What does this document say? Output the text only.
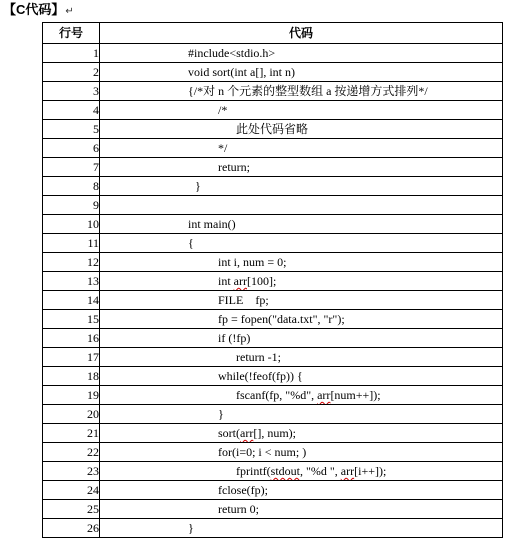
【C代码】↵
行号	代码
1	#include<stdio.h>

2	void sort(int a[], int n)

3	{/*对 n 个元素的整型数组 a 按递增方式排列*/

4	/*

5	此处代码省略

6	*/

7	return;

8	}

9	

10	int main()

11	{

12	int i, num = 0;

13	int arr[100];

14	FILE    fp;

15	fp = fopen("data.txt", "r");

16	if (!fp)

17	return -1;

18	while(!feof(fp)) {

19	fscanf(fp, "%d", arr[num++]);

20	}

21	sort(arr[], num);

22	for(i=0; i < num; )

23	fprintf(stdout, "%d ", arr[i++]);

24	fclose(fp);

25	return 0;

26	}
